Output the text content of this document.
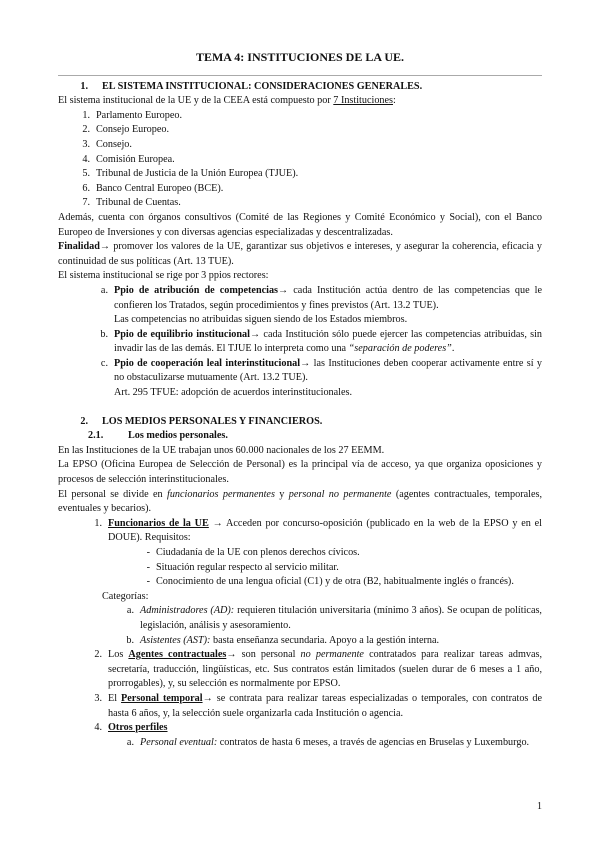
TEMA 4: INSTITUCIONES DE LA UE.
1.	EL SISTEMA INSTITUCIONAL: CONSIDERACIONES GENERALES.

El sistema institucional de la UE y de la CEEA está compuesto por 7 Instituciones:

1. Parlamento Europeo.
2. Consejo Europeo.
3. Consejo.
4. Comisión Europea.
5. Tribunal de Justicia de la Unión Europea (TJUE).
6. Banco Central Europeo (BCE).
7. Tribunal de Cuentas.

Además, cuenta con órganos consultivos (Comité de las Regiones y Comité Económico y Social), con el Banco Europeo de Inversiones y con diversas agencias especializadas y descentralizadas.

Finalidad→ promover los valores de la UE, garantizar sus objetivos e intereses, y asegurar la coherencia, eficacia y continuidad de sus políticas (Art. 13 TUE).

El sistema institucional se rige por 3 ppios rectores:

a. Ppio de atribución de competencias→ cada Institución actúa dentro de las competencias que le confieren los Tratados, según procedimientos y fines previstos (Art. 13.2 TUE).
Las competencias no atribuidas siguen siendo de los Estados miembros.
b. Ppio de equilibrio institucional→ cada Institución sólo puede ejercer las competencias atribuidas, sin invadir las de las demás. El TJUE lo interpreta como una “separación de poderes”.
c. Ppio de cooperación leal interinstitucional→ las Instituciones deben cooperar activamente entre sí y no obstaculizarse mutuamente (Art. 13.2 TUE).
Art. 295 TFUE: adopción de acuerdos interinstitucionales.
2.	LOS MEDIOS PERSONALES Y FINANCIEROS.
2.1.	Los medios personales.

En las Instituciones de la UE trabajan unos 60.000 nacionales de los 27 EEMM.

La EPSO (Oficina Europea de Selección de Personal) es la principal vía de acceso, ya que organiza oposiciones y procesos de selección interinstitucionales.

El personal se divide en funcionarios permanentes y personal no permanente (agentes contractuales, temporales, eventuales y becarios).

1. Funcionarios de la UE → Acceden por concurso-oposición (publicado en la web de la EPSO y en el DOUE). Requisitos:
- Ciudadanía de la UE con plenos derechos cívicos.
- Situación regular respecto al servicio militar.
- Conocimiento de una lengua oficial (C1) y de otra (B2, habitualmente inglés o francés).

Categorías:

a. Administradores (AD): requieren titulación universitaria (mínimo 3 años). Se ocupan de políticas, legislación, análisis y asesoramiento.
b. Asistentes (AST): basta enseñanza secundaria. Apoyo a la gestión interna.
2. Los Agentes contractuales→ son personal no permanente contratados para realizar tareas admvas, secretaría, traducción, lingüísticas, etc. Sus contratos están limitados (suelen durar de 6 meses a 1 año, prorrogables), y, su selección es normalmente por EPSO.
3. El Personal temporal→ se contrata para realizar tareas especializadas o temporales, con contratos de hasta 6 años, y, la selección suele organizarla cada Institución o agencia.
4. Otros perfiles
a. Personal eventual: contratos de hasta 6 meses, a través de agencias en Bruselas y Luxemburgo.
1
